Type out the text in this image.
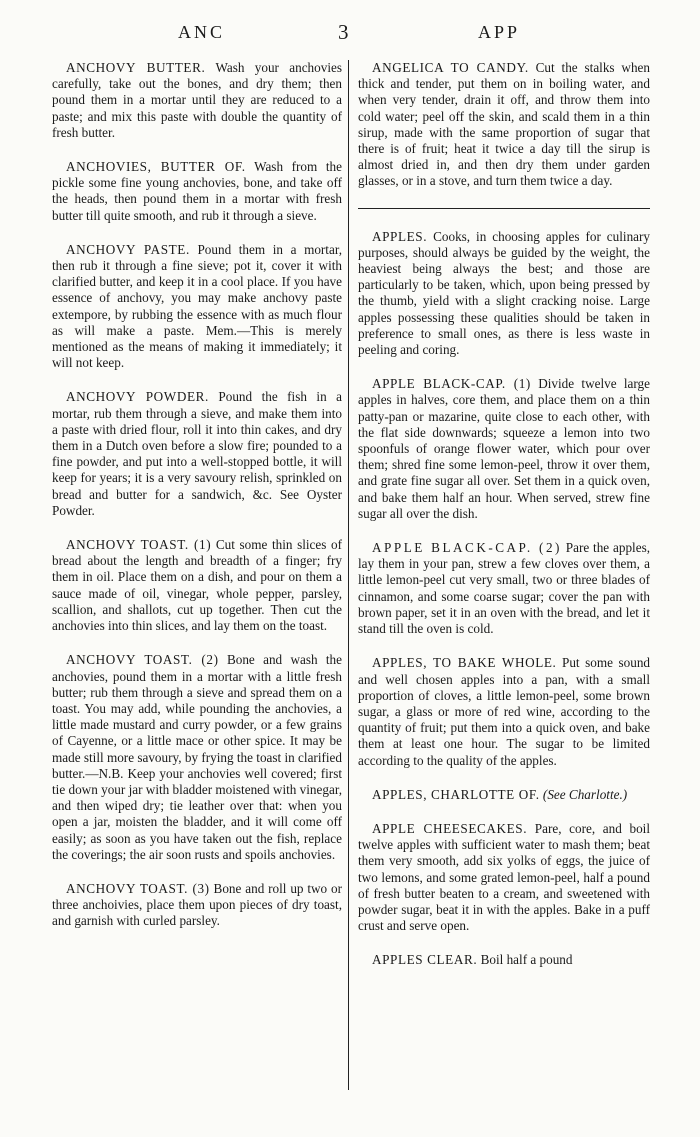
ANC	3	APP

ANCHOVY BUTTER. Wash your anchovies carefully, take out the bones, and dry them; then pound them in a mortar until they are reduced to a paste; and mix this paste with double the quantity of fresh butter.

ANCHOVIES, BUTTER OF. Wash from the pickle some fine young anchovies, bone, and take off the heads, then pound them in a mortar with fresh butter till quite smooth, and rub it through a sieve.

ANCHOVY PASTE. Pound them in a mortar, then rub it through a fine sieve; pot it, cover it with clarified butter, and keep it in a cool place. If you have essence of anchovy, you may make anchovy paste extempore, by rubbing the essence with as much flour as will make a paste. Mem.—This is merely mentioned as the means of making it immediately; it will not keep.

ANCHOVY POWDER. Pound the fish in a mortar, rub them through a sieve, and make them into a paste with dried flour, roll it into thin cakes, and dry them in a Dutch oven before a slow fire; pounded to a fine powder, and put into a well-stopped bottle, it will keep for years; it is a very savoury relish, sprinkled on bread and butter for a sandwich, &c. See Oyster Powder.

ANCHOVY TOAST. (1) Cut some thin slices of bread about the length and breadth of a finger; fry them in oil. Place them on a dish, and pour on them a sauce made of oil, vinegar, whole pepper, parsley, scallion, and shallots, cut up together. Then cut the anchovies into thin slices, and lay them on the toast.

ANCHOVY TOAST. (2) Bone and wash the anchovies, pound them in a mortar with a little fresh butter; rub them through a sieve and spread them on a toast. You may add, while pounding the anchovies, a little made mustard and curry powder, or a few grains of Cayenne, or a little mace or other spice. It may be made still more savoury, by frying the toast in clarified butter.—N.B. Keep your anchovies well covered; first tie down your jar with bladder moistened with vinegar, and then wiped dry; tie leather over that: when you open a jar, moisten the bladder, and it will come off easily; as soon as you have taken out the fish, replace the coverings; the air soon rusts and spoils anchovies.

ANCHOVY TOAST. (3) Bone and roll up two or three anchoivies, place them upon pieces of dry toast, and garnish with curled parsley.

ANGELICA TO CANDY. Cut the stalks when thick and tender, put them on in boiling water, and when very tender, drain it off, and throw them into cold water; peel off the skin, and scald them in a thin sirup, made with the same proportion of sugar that there is of fruit; heat it twice a day till the sirup is almost dried in, and then dry them under garden glasses, or in a stove, and turn them twice a day.

APPLES. Cooks, in choosing apples for culinary purposes, should always be guided by the weight, the heaviest being always the best; and those are particularly to be taken, which, upon being pressed by the thumb, yield with a slight cracking noise. Large apples possessing these qualities should be taken in preference to small ones, as there is less waste in peeling and coring.

APPLE BLACK-CAP. (1) Divide twelve large apples in halves, core them, and place them on a thin patty-pan or mazarine, quite close to each other, with the flat side downwards; squeeze a lemon into two spoonfuls of orange flower water, which pour over them; shred fine some lemon-peel, throw it over them, and grate fine sugar all over. Set them in a quick oven, and bake them half an hour. When served, strew fine sugar all over the dish.

APPLE BLACK-CAP. (2) Pare the apples, lay them in your pan, strew a few cloves over them, a little lemon-peel cut very small, two or three blades of cinnamon, and some coarse sugar; cover the pan with brown paper, set it in an oven with the bread, and let it stand till the oven is cold.

APPLES, TO BAKE WHOLE. Put some sound and well chosen apples into a pan, with a small proportion of cloves, a little lemon-peel, some brown sugar, a glass or more of red wine, according to the quantity of fruit; put them into a quick oven, and bake them at least one hour. The sugar to be limited according to the quality of the apples.

APPLES, CHARLOTTE OF. (See Charlotte.)

APPLE CHEESECAKES. Pare, core, and boil twelve apples with sufficient water to mash them; beat them very smooth, add six yolks of eggs, the juice of two lemons, and some grated lemon-peel, half a pound of fresh butter beaten to a cream, and sweetened with powder sugar, beat it in with the apples. Bake in a puff crust and serve open.

APPLES CLEAR. Boil half a pound
